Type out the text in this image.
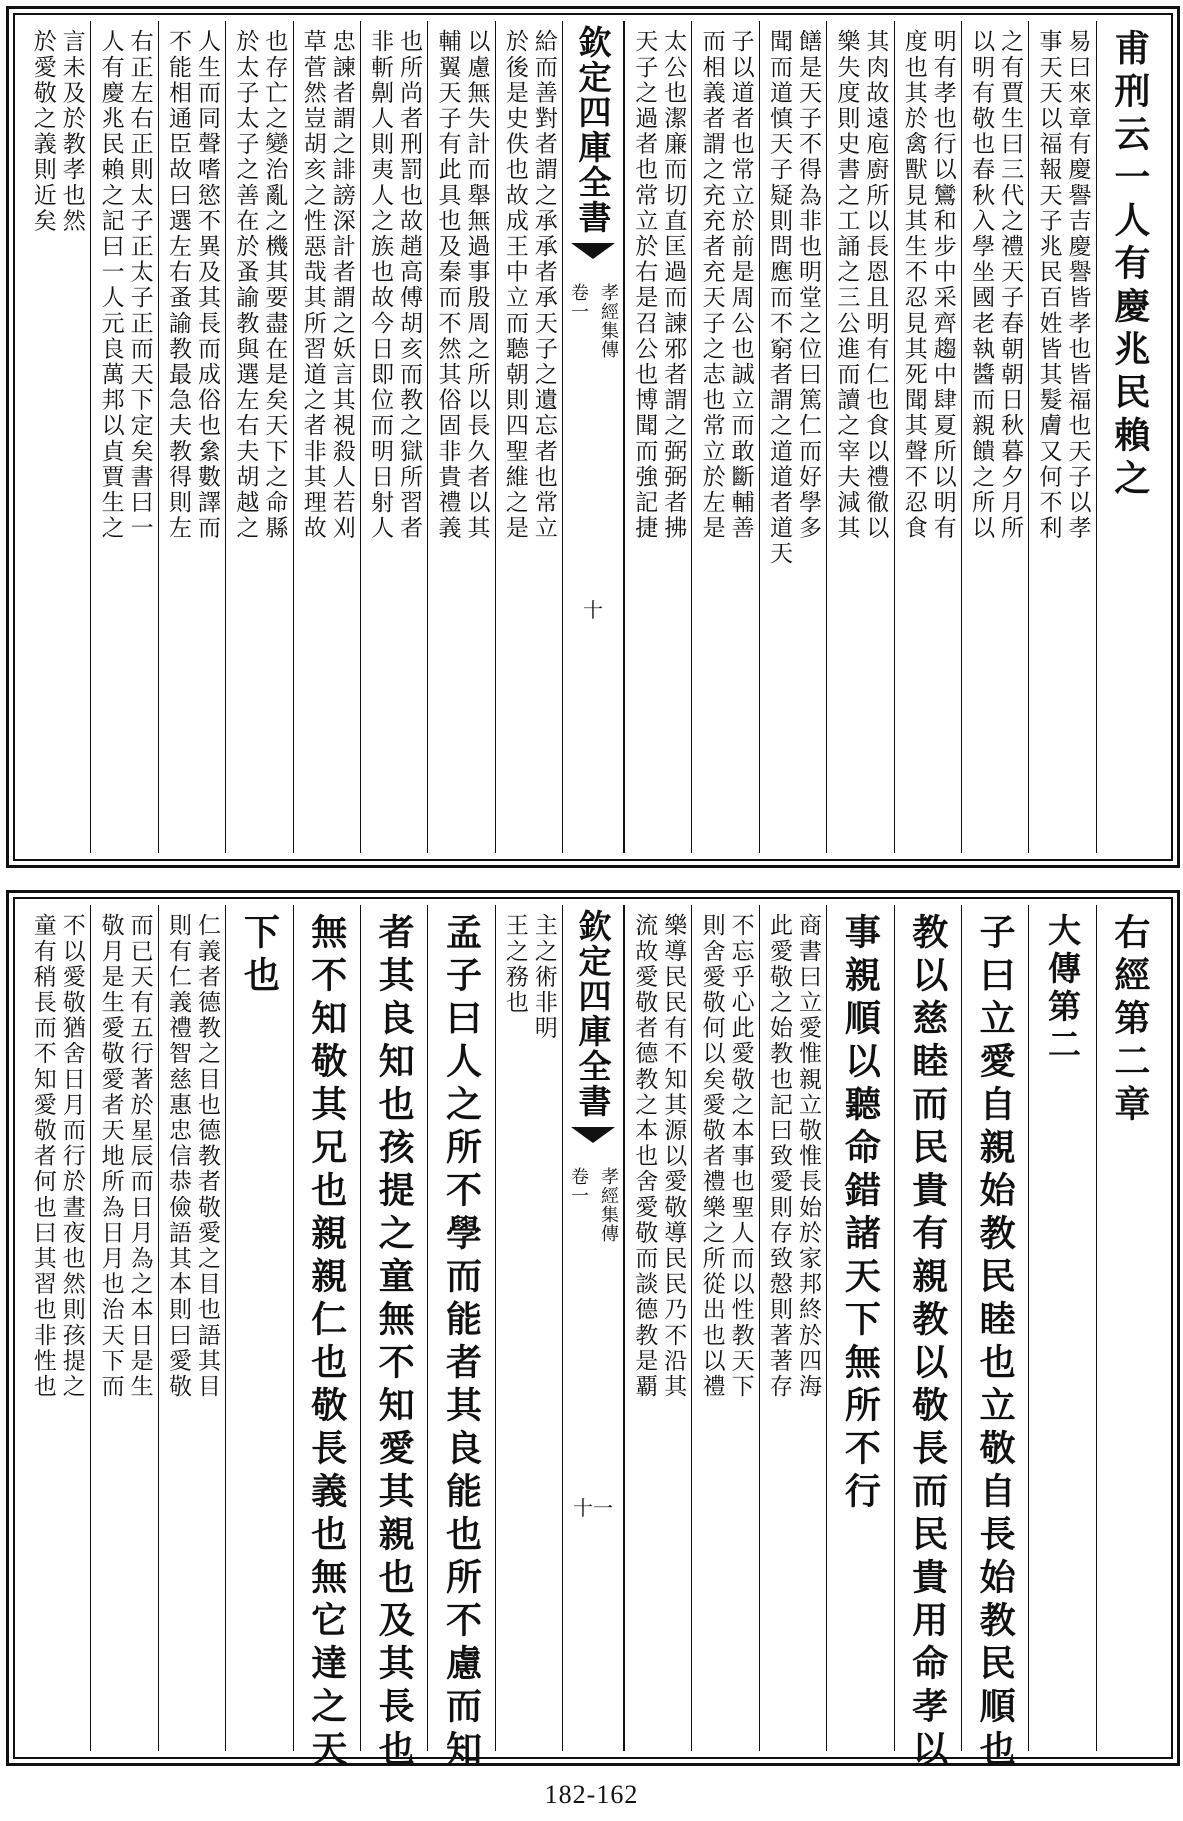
甫刑云一人有慶兆民賴之
易曰來章有慶譽吉慶譽皆孝也皆福也天子以孝
事天天以福報天子兆民百姓皆其髮膚又何不利
之有賈生曰三代之禮天子春朝朝日秋暮夕月所
以明有敬也春秋入學坐國老執醬而親饋之所以
明有孝也行以鸞和步中采齊趨中肆夏所以明有
度也其於禽獸見其生不忍見其死聞其聲不忍食
其肉故遠庖廚所以長恩且明有仁也食以禮徹以
樂失度則史書之工誦之三公進而讀之宰夫減其
饍是天子不得為非也明堂之位曰篤仁而好學多
聞而道慎天子疑則問應而不窮者謂之道道者道天
子以道者也常立於前是周公也誠立而敢斷輔善
而相義者謂之充充者充天子之志也常立於左是
太公也潔廉而切直匡過而諫邪者謂之弼弼者拂
天子之過者也常立於右是召公也博聞而強記捷
欽定四庫全書
孝經集傳
卷一
十
給而善對者謂之承承者承天子之遺忘者也常立
於後是史佚也故成王中立而聽朝則四聖維之是
以慮無失計而舉無過事殷周之所以長久者以其
輔翼天子有此具也及秦而不然其俗固非貴禮義
也所尚者刑罰也故趙高傅胡亥而教之獄所習者
非斬劓人則夷人之族也故今日即位而明日射人
忠諫者謂之誹謗深計者謂之妖言其視殺人若刈
草菅然豈胡亥之性惡哉其所習道之者非其理故
也存亡之變治亂之機其要盡在是矣天下之命縣
於太子太子之善在於蚤諭教與選左右夫胡越之
人生而同聲嗜慾不異及其長而成俗也絫數譯而
不能相通臣故曰選左右蚤諭教最急夫教得則左
右正左右正則太子正太子正而天下定矣書曰一
人有慶兆民賴之記曰一人元良萬邦以貞賈生之
言未及於教孝也然
於愛敬之義則近矣
右經第二章
大傳第二
子曰立愛自親始教民睦也立敬自長始教民順也
教以慈睦而民貴有親教以敬長而民貴用命孝以
事親順以聽命錯諸天下無所不行
商書曰立愛惟親立敬惟長始於家邦終於四海
此愛敬之始教也記曰致愛則存致慤則著著存
不忘乎心此愛敬之本事也聖人而以性教天下
則舍愛敬何以矣愛敬者禮樂之所從出也以禮
樂導民民有不知其源以愛敬導民民乃不沿其
流故愛敬者德教之本也舍愛敬而談德教是覇
欽定四庫全書
孝經集傳
卷一
十一
主之術非明
王之務也
孟子曰人之所不學而能者其良能也所不慮而知
者其良知也孩提之童無不知愛其親也及其長也
無不知敬其兄也親親仁也敬長義也無它達之天
下也
仁義者德教之目也德教者敬愛之目也語其目
則有仁義禮智慈惠忠信恭儉語其本則曰愛敬
而已天有五行著於星辰而日月為之本日是生
敬月是生愛敬愛者天地所為日月也治天下而
不以愛敬猶舍日月而行於晝夜也然則孩提之
童有稍長而不知愛敬者何也曰其習也非性也
182-162
